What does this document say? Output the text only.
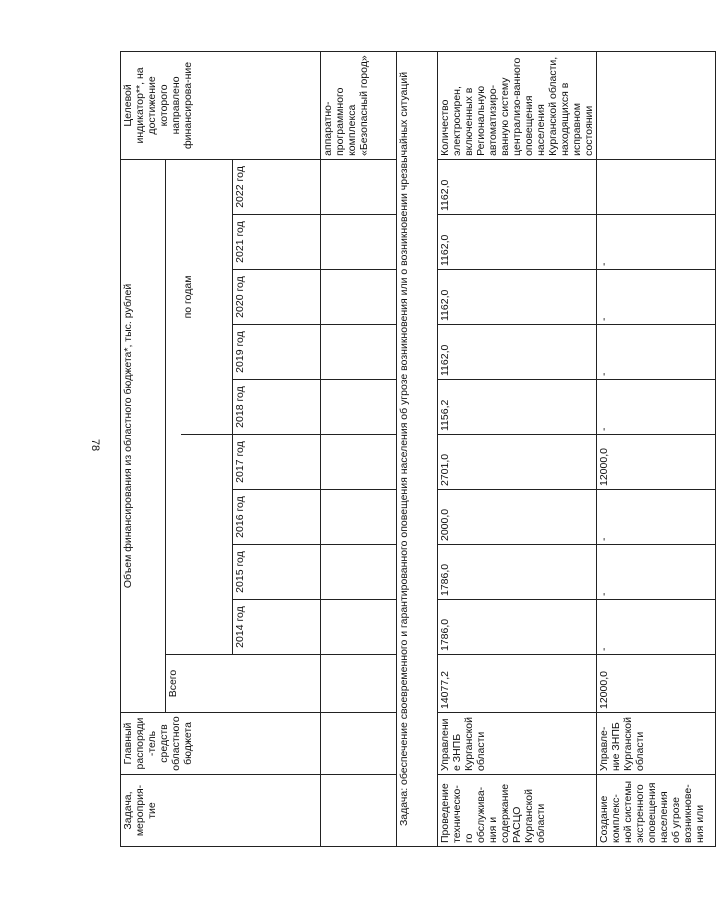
78
Задача, мероприя-тие	Главный распоряди-тель средств областного бюджета	Объем финансирования из областного бюджета*, тыс. рублей										Целевой индикатор**, на достижение которого направлено финансирова-ние
		Всего										
							по годам					
			2014 год	2015 год	2016 год	2017 год	2018 год	2019 год	2020 год	2021 год	2022 год	
												аппаратно-программного комплекса «Безопасный город»
Задача: обеспечение своевременного и гарантированного оповещения населения об угрозе возникновения или о возникновении чрезвычайных ситуаций												
Проведение техническо-го обслужива-ния и содержание РАСЦО Курганской области	Управление ЗНПБ Курганской области	14077,2	1786,0	1786,0	2000,0	2701,0	1156,2	1162,0	1162,0	1162,0	1162,0	Количество электросирен, включенных в Региональную автоматизиро-ванную систему централизо-ванного оповещения населения Курганской области, находящихся в исправном состоянии
Создание комплекс-ной системы экстренного оповещения населения об угрозе возникнове-ния или	Управле-ние ЗНПБ Курганской области	12000,0	-	-	-	12000,0	-	-	-	-		
